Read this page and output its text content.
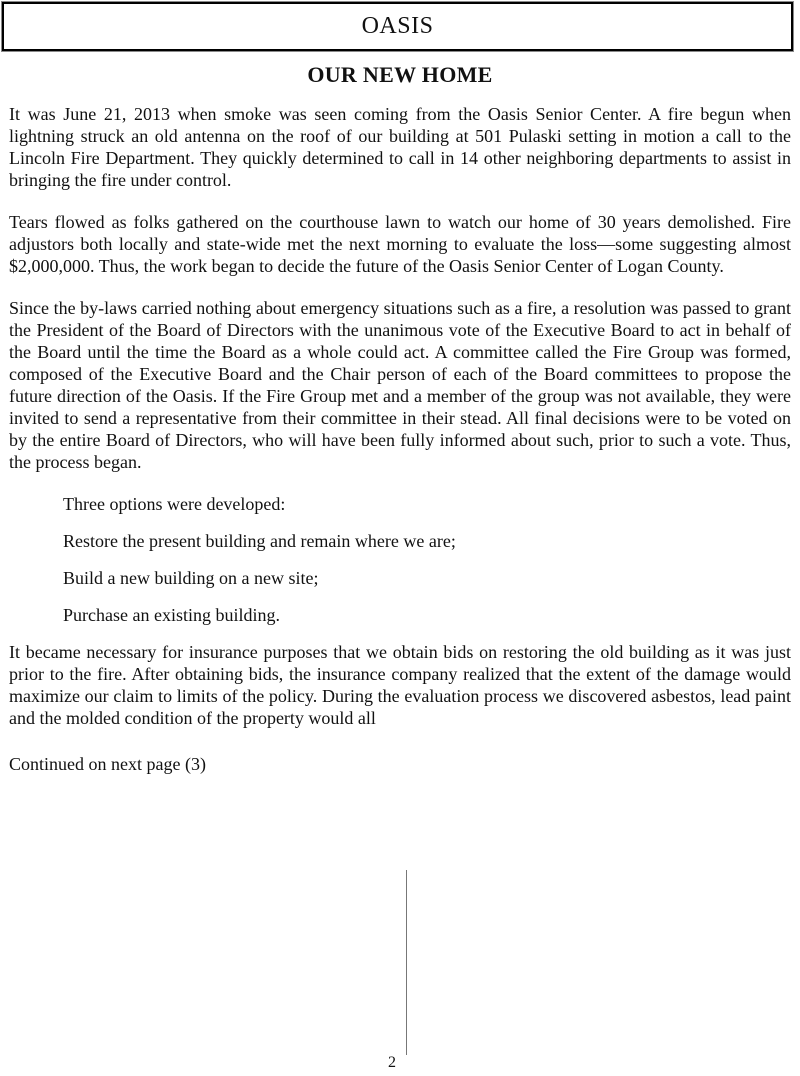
OASIS
OUR NEW HOME

It was June 21, 2013 when smoke was seen coming from the Oasis Senior Center. A fire begun when lightning struck an old antenna on the roof of our building at 501 Pulaski setting in motion a call to the Lincoln Fire Department. They quickly determined to call in 14 other neighboring departments to assist in bringing the fire under control.

Tears flowed as folks gathered on the courthouse lawn to watch our home of 30 years demolished. Fire adjustors both locally and state-wide met the next morning to evaluate the loss—some suggesting almost $2,000,000. Thus, the work began to decide the future of the Oasis Senior Center of Logan County.

Since the by-laws carried nothing about emergency situations such as a fire, a resolution was passed to grant the President of the Board of Directors with the unanimous vote of the Executive Board to act in behalf of the Board until the time the Board as a whole could act. A committee called the Fire Group was formed, composed of the Executive Board and the Chair person of each of the Board committees to propose the future direction of the Oasis. If the Fire Group met and a member of the group was not available, they were invited to send a representative from their committee in their stead. All final decisions were to be voted on by the entire Board of Directors, who will have been fully informed about such, prior to such a vote. Thus, the process began.

Three options were developed:
Restore the present building and remain where we are;
Build a new building on a new site;
Purchase an existing building.

It became necessary for insurance purposes that we obtain bids on restoring the old building as it was just prior to the fire. After obtaining bids, the insurance company realized that the extent of the damage would maximize our claim to limits of the policy. During the evaluation process we discovered asbestos, lead paint and the molded condition of the property would all

Continued on next page (3)
2
